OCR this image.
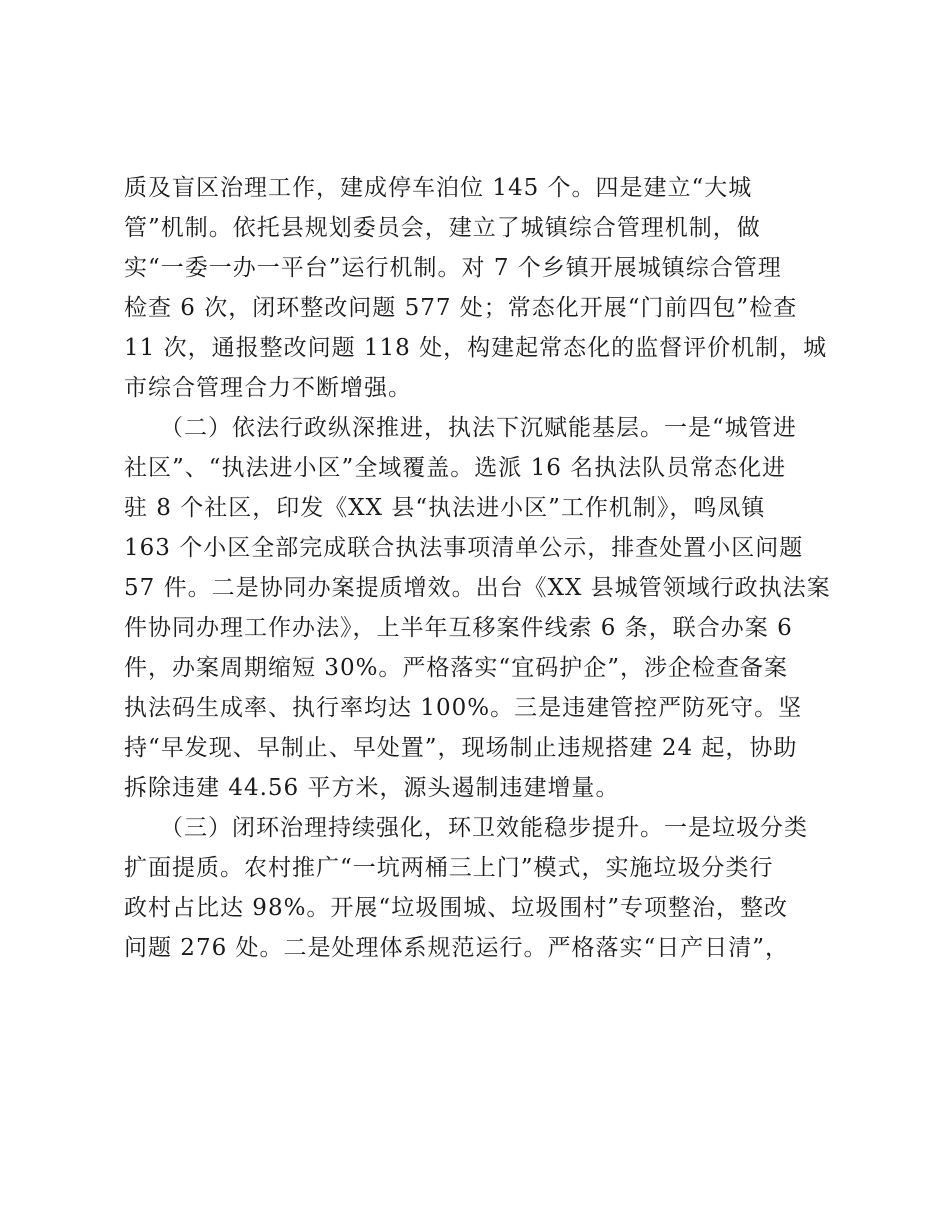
质及盲区治理工作，建成停车泊位 145 个。四是建立“大城
管”机制。依托县规划委员会，建立了城镇综合管理机制，做
实“一委一办一平台”运行机制。对 7 个乡镇开展城镇综合管理
检查 6 次，闭环整改问题 577 处；常态化开展“门前四包”检查
11 次，通报整改问题 118 处，构建起常态化的监督评价机制，城
市综合管理合力不断增强。
（二）依法行政纵深推进，执法下沉赋能基层。一是“城管进
社区”、“执法进小区”全域覆盖。选派 16 名执法队员常态化进
驻 8 个社区，印发《XX 县“执法进小区”工作机制》，鸣凤镇
163 个小区全部完成联合执法事项清单公示，排查处置小区问题
57 件。二是协同办案提质增效。出台《XX 县城管领域行政执法案
件协同办理工作办法》，上半年互移案件线索 6 条，联合办案 6
件，办案周期缩短 30%。严格落实“宜码护企”，涉企检查备案
执法码生成率、执行率均达 100%。三是违建管控严防死守。坚
持“早发现、早制止、早处置”，现场制止违规搭建 24 起，协助
拆除违建 44.56 平方米，源头遏制违建增量。
（三）闭环治理持续强化，环卫效能稳步提升。一是垃圾分类
扩面提质。农村推广“一坑两桶三上门”模式，实施垃圾分类行
政村占比达 98%。开展“垃圾围城、垃圾围村”专项整治，整改
问题 276 处。二是处理体系规范运行。严格落实“日产日清”，
